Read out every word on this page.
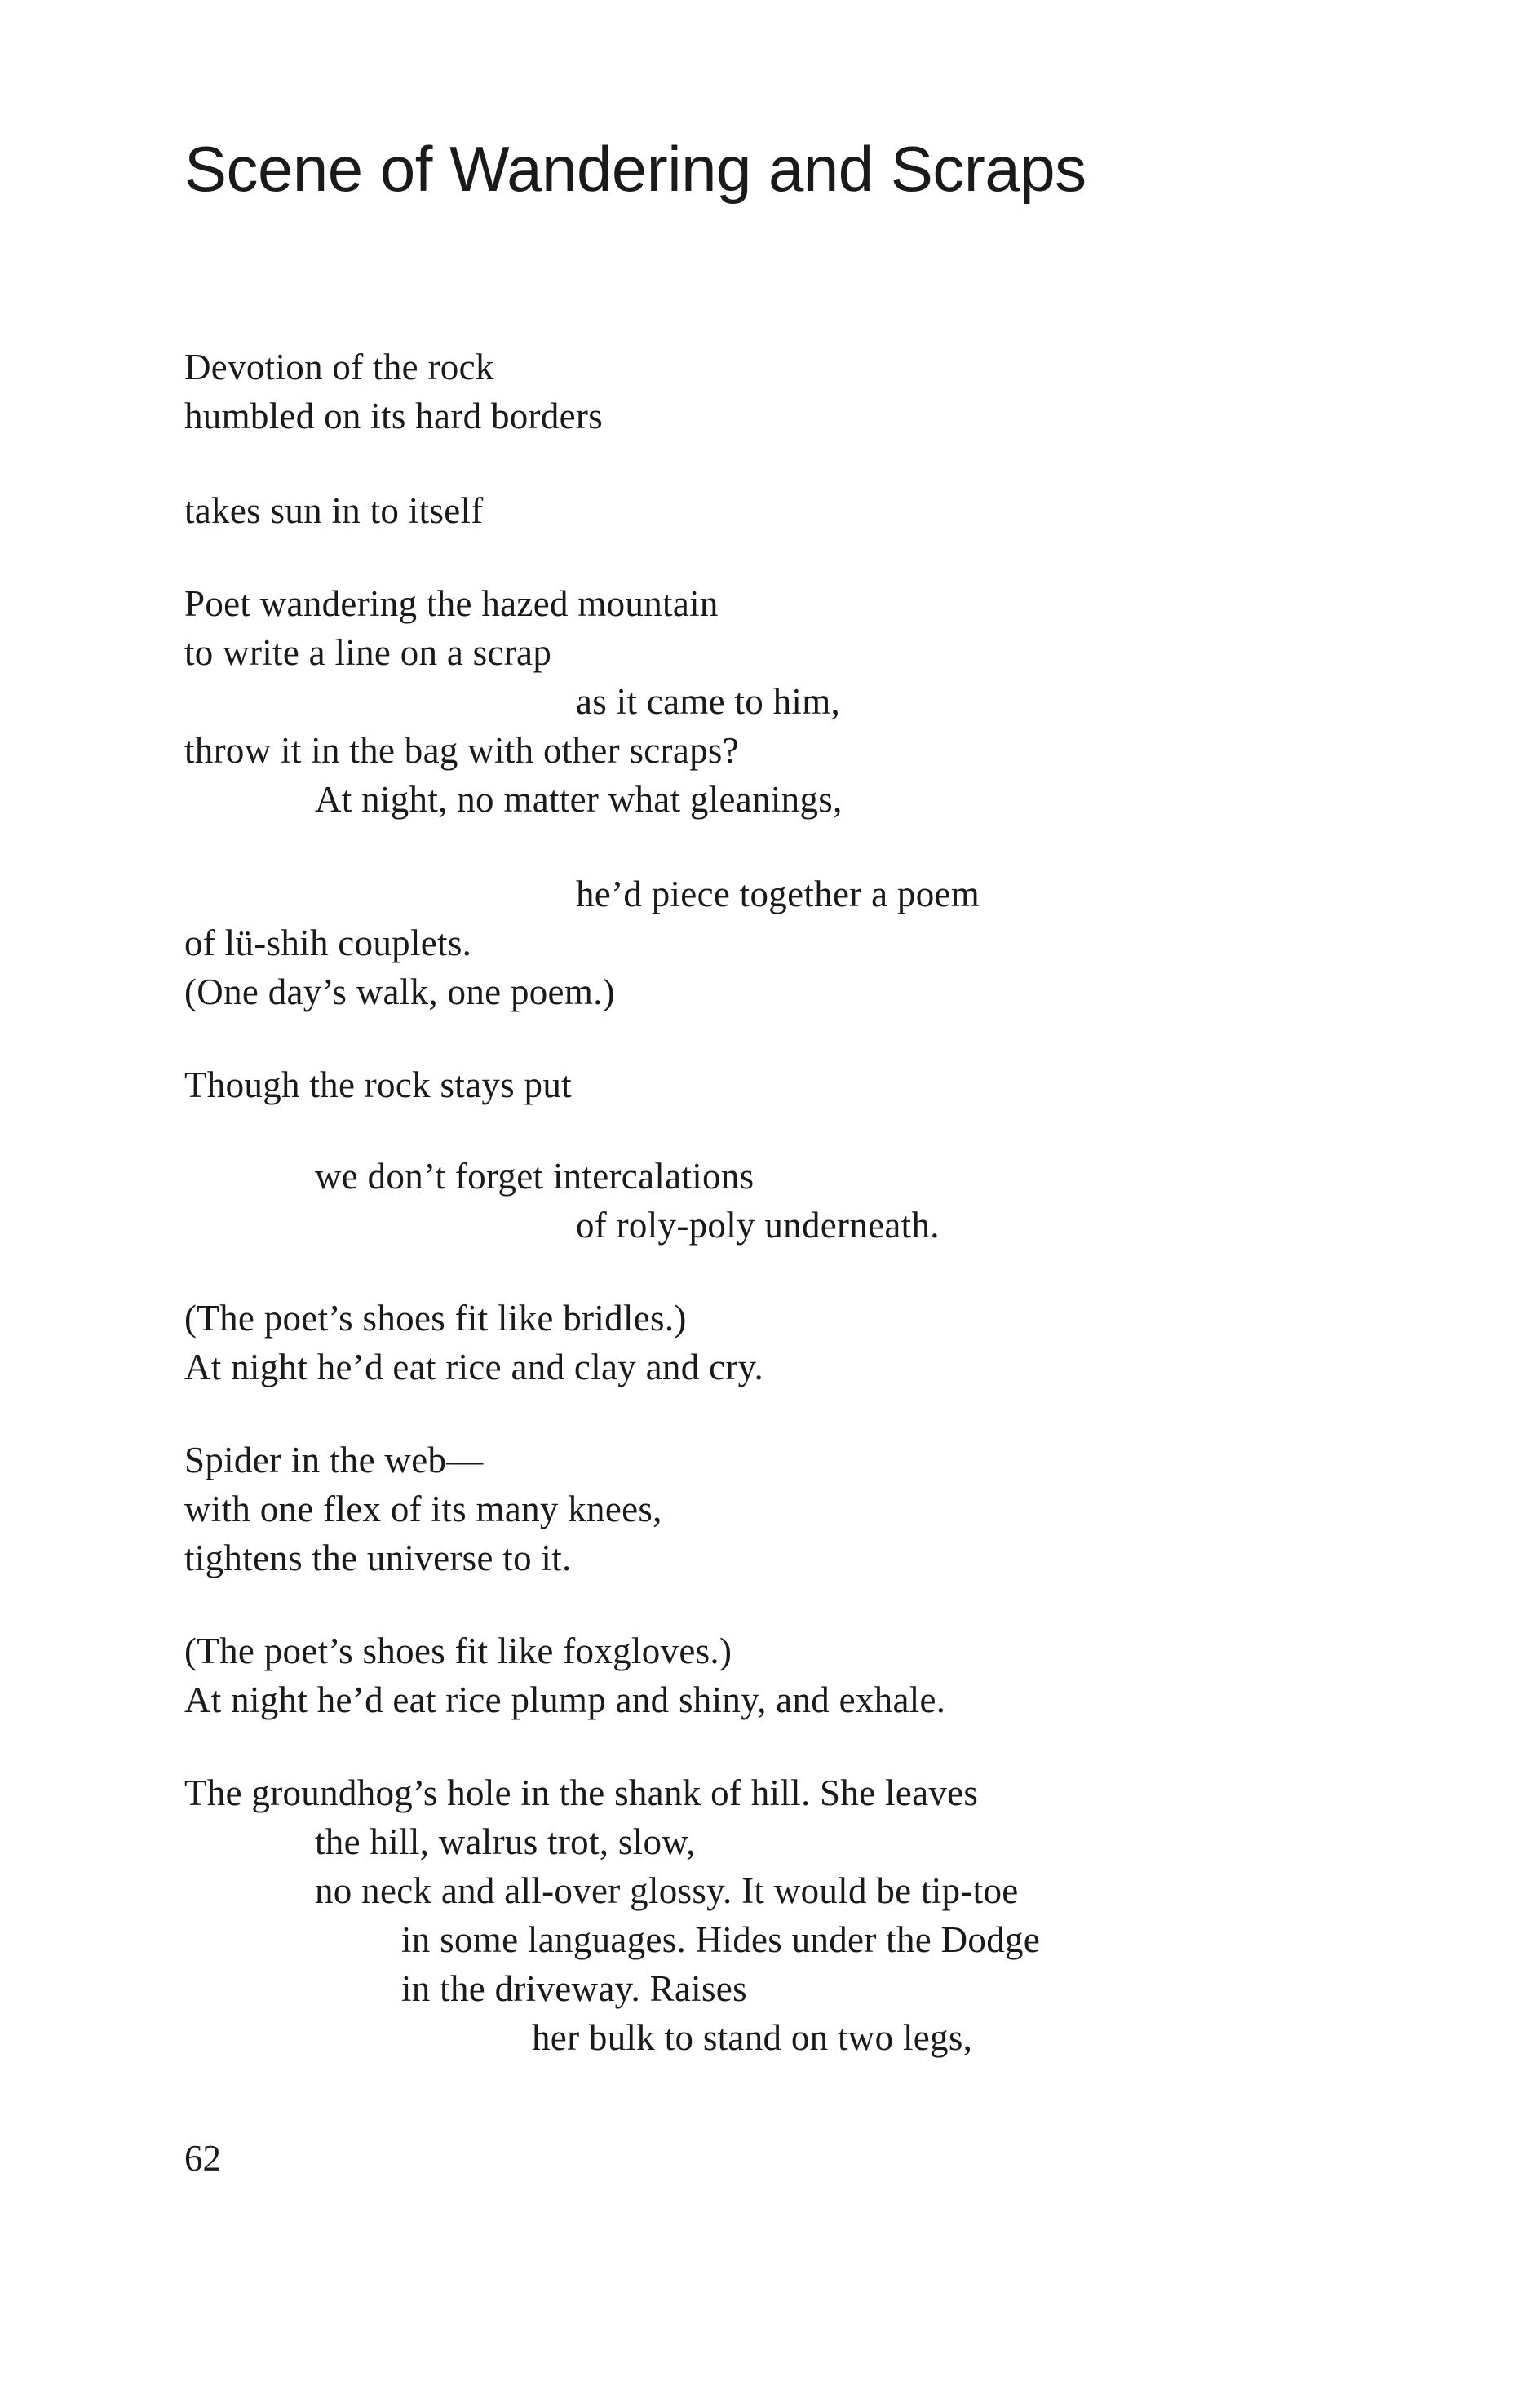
Scene of Wandering and Scraps
Devotion of the rock
humbled on its hard borders
takes sun in to itself
Poet wandering the hazed mountain
to write a line on a scrap
as it came to him,
throw it in the bag with other scraps?
At night, no matter what gleanings,
he’d piece together a poem
of lü-shih couplets.
(One day’s walk, one poem.)
Though the rock stays put
we don’t forget intercalations
of roly-poly underneath.
(The poet’s shoes fit like bridles.)
At night he’d eat rice and clay and cry.
Spider in the web—
with one flex of its many knees,
tightens the universe to it.
(The poet’s shoes fit like foxgloves.)
At night he’d eat rice plump and shiny, and exhale.
The groundhog’s hole in the shank of hill. She leaves
the hill, walrus trot, slow,
no neck and all-over glossy. It would be tip-toe
in some languages. Hides under the Dodge
in the driveway. Raises
her bulk to stand on two legs,
62
